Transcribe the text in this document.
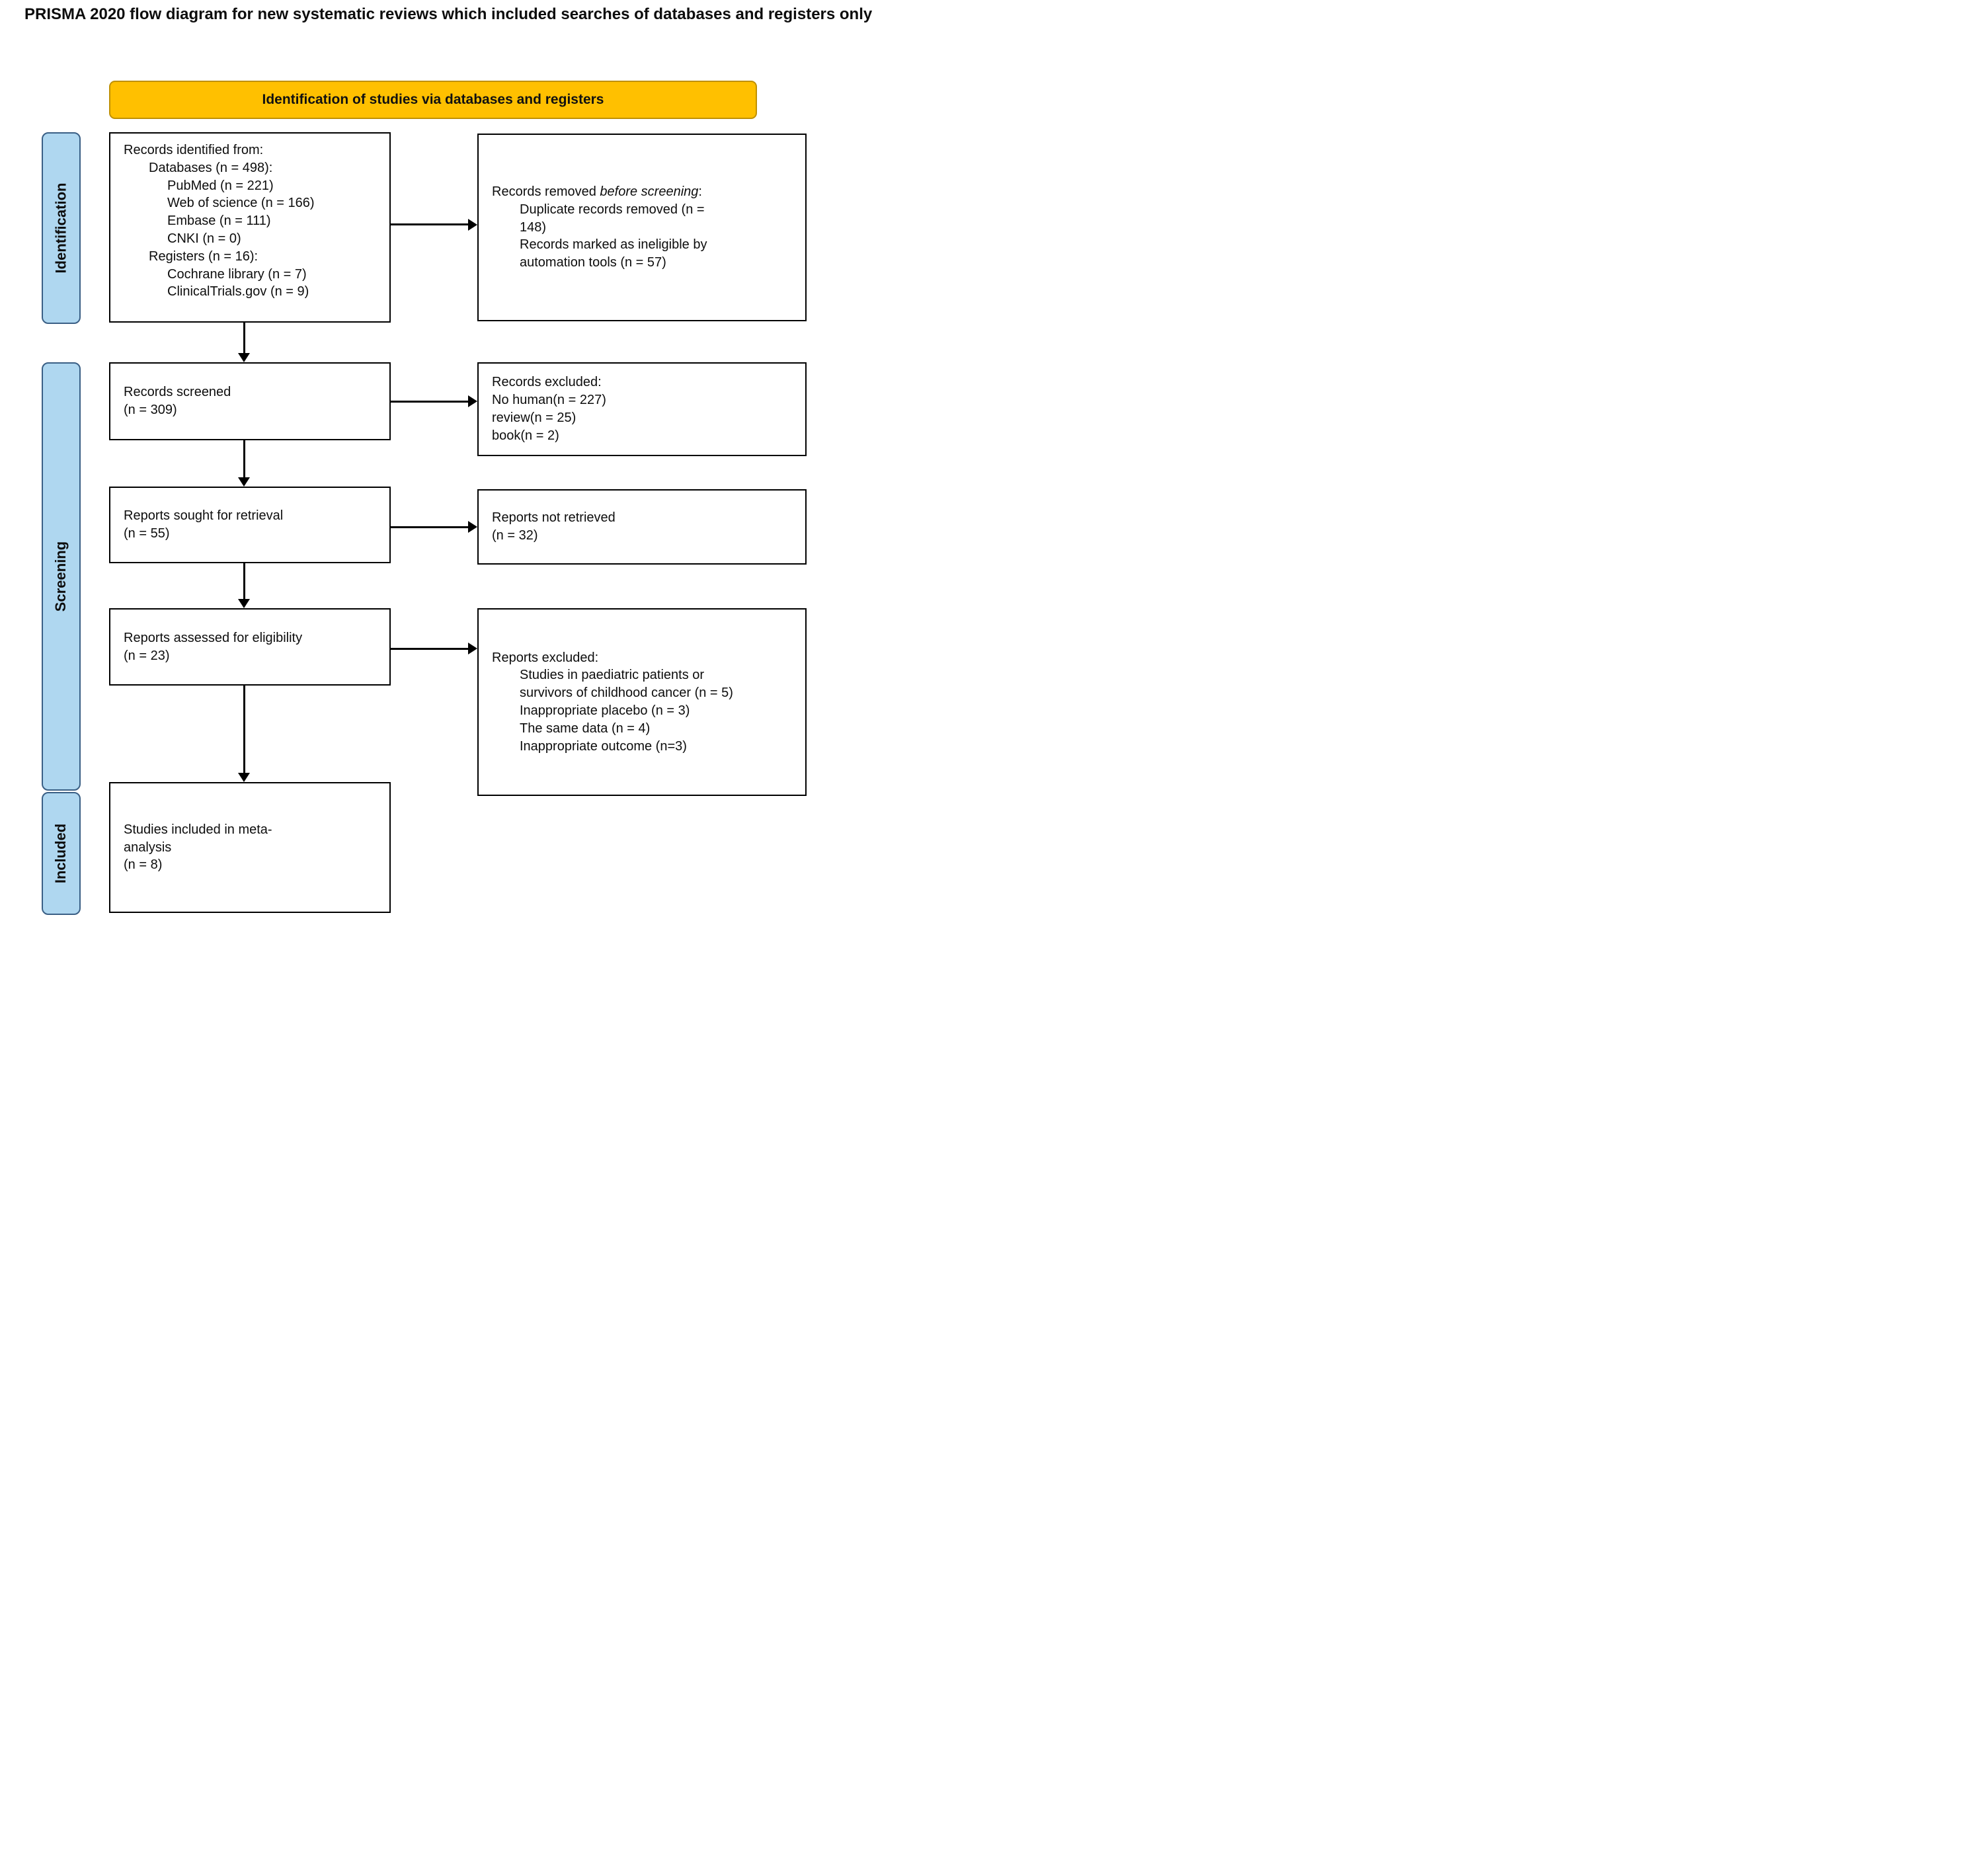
PRISMA 2020 flow diagram for new systematic reviews which included searches of databases and registers only
Identification of studies via databases and registers
Identification
Screening
Included
Records identified from:
Databases (n = 498):
PubMed (n = 221)
Web of science (n = 166)
Embase (n = 111)
CNKI (n = 0)
Registers (n = 16):
Cochrane library (n = 7)
ClinicalTrials.gov (n = 9)
Records screened
(n = 309)
Reports sought for retrieval
(n = 55)
Reports assessed for eligibility
(n = 23)
Studies included in meta-analysis
(n = 8)
Records removed before screening:
Duplicate records removed (n = 148)
Records marked as ineligible by automation tools (n = 57)
Records excluded:
No human(n = 227)
review(n = 25)
book(n = 2)
Reports not retrieved
(n = 32)
Reports excluded:
Studies in paediatric patients or survivors of childhood cancer (n = 5)
Inappropriate placebo (n = 3)
The same data (n = 4)
Inappropriate outcome (n=3)
